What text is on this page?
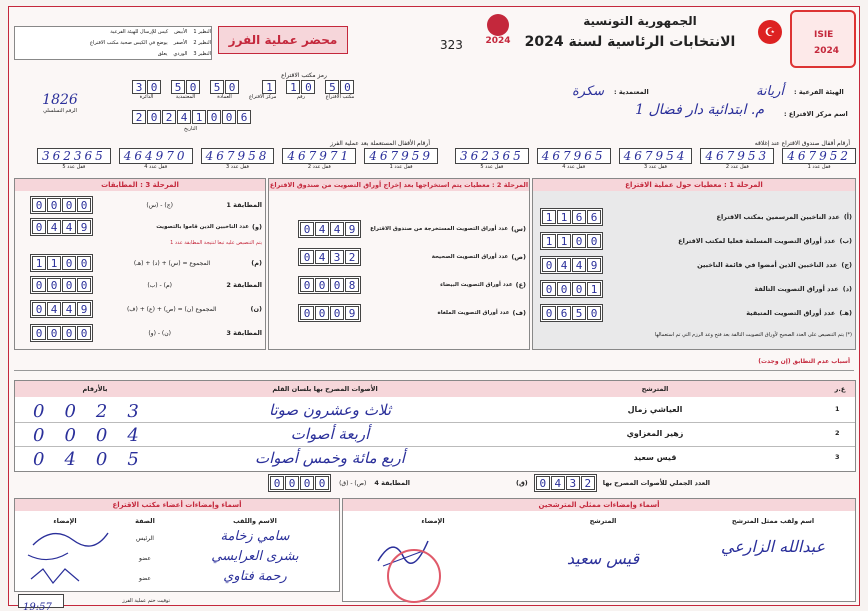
ISIE
2024
☪
الجمهورية التونسية
الانتخابات الرئاسية لسنة 2024
323	2024
محضر عملية الفرز
النظير 1
الأبيض
كيس للإرسال للهيئة الفرعية
النظير 2
الأصفر
يوضع في الكيس صحبة مكتب الاقتراع
النظير 3
الوردي
يعلق
الهيئة الفرعية :
أريانة
المعتمدية :
سكرة
اسم مركز الاقتراع :
م. ابتدائية دار فضال 1
رمز مكتب الاقتراع
0
5
مكتب الاقتراع
0
1
رقم
1
مركز الاقتراع
0
5
العمادة
0
5
المعتمدية
0
3
الدائرة
1826
الرقم التسلسلي	2 0 2 4 1 0 0 6
التاريخ
أرقام أقفال صندوق الاقتراع عند إغلاقه
467952
قفل عدد 1
467953
قفل عدد 2
467954
قفل عدد 3
467965
قفل عدد 4
362365
قفل عدد 5
أرقام الأقفال المستعملة بعد عملية الفرز
467959
قفل عدد 1
467971
قفل عدد 2
467958
قفل عدد 3
464970
قفل عدد 4
362365
قفل عدد 5
المرحلة 1 : معطيات حول عملية الاقتراع
(أ)
عدد الناخبين المرسمين بمكتب الاقتراع
1 1 6 6
(ب)
عدد أوراق التصويت المسلمة فعليا لمكتب الاقتراع
1 1 0 0
(ج)
عدد الناخبين الذين أمضوا في قائمة الناخبين
0 4 4 9
(د)
عدد أوراق التصويت التالفة
0 0 0 1
(هـ)
عدد أوراق التصويت المتبقية
0 6 5 0
(*) يتم التنصيص على العدد الصحيح لأوراق التصويت التالفة بعد فتح وعد الرزم التي تم استعمالها
المرحلة 2 : معطيات يتم استخراجها بعد إخراج أوراق التصويت من صندوق الاقتراع
(س)
عدد أوراق التصويت المستخرجة من صندوق الاقتراع
0 4 4 9
(ص)
عدد أوراق التصويت الصحيحة
0 4 3 2
(ع)
عدد أوراق التصويت البيضاء
0 0 0 8
(ف)
عدد أوراق التصويت الملغاة
0 0 0 9
المرحلة 3 : المطابقات
المطابقة 1
(ج) - (س)
0 0 0 0
(و)
عدد الناخبين الذين قاموا بالتصويت
0 4 4 9
يتم التنصيص عليه تبعا لنتيجة المطابقة عدد 1
(م)
المجموع = (س) + (د) + (هـ)
1 1 0 0
المطابقة 2
(م) - (ب)
0 0 0 0
(ن)
المجموع (ن) = (ص) + (ع) + (ف)
0 4 4 9
المطابقة 3
(ن) - (و)
0 0 0 0
أسباب عدم التطابق (إن وجدت)
ع.ر
المترشح
الأصوات المصرح بها بلسان القلم
بالأرقام
1
العياشي زمال
ثلاث وعشرون صوتا
0 0 2 3
2
زهير المغزاوي
أربعة أصوات
0 0 0 4
3
قيس سعيد
أربع مائة وخمس أصوات
0 4 0 5
العدد الجملي للأصوات المصرح بها
0 4 3 2
(ق)
المطابقة 4
(ص) - (ق)
0 0 0 0
أسماء وإمضاءات ممثلي المترشحين
اسم ولقب ممثل المترشح
المترشح
الإمضاء
عبدالله الزارعي
قيس سعيد
أسماء وإمضاءات أعضاء مكتب الاقتراع
الاسم واللقب
الصفة
الإمضاء
سامي زخامة
الرئيس
بشرى العرايسي
عضو
رحمة فتاوي
عضو
19:57
توقيت ختم عملية الفرز
